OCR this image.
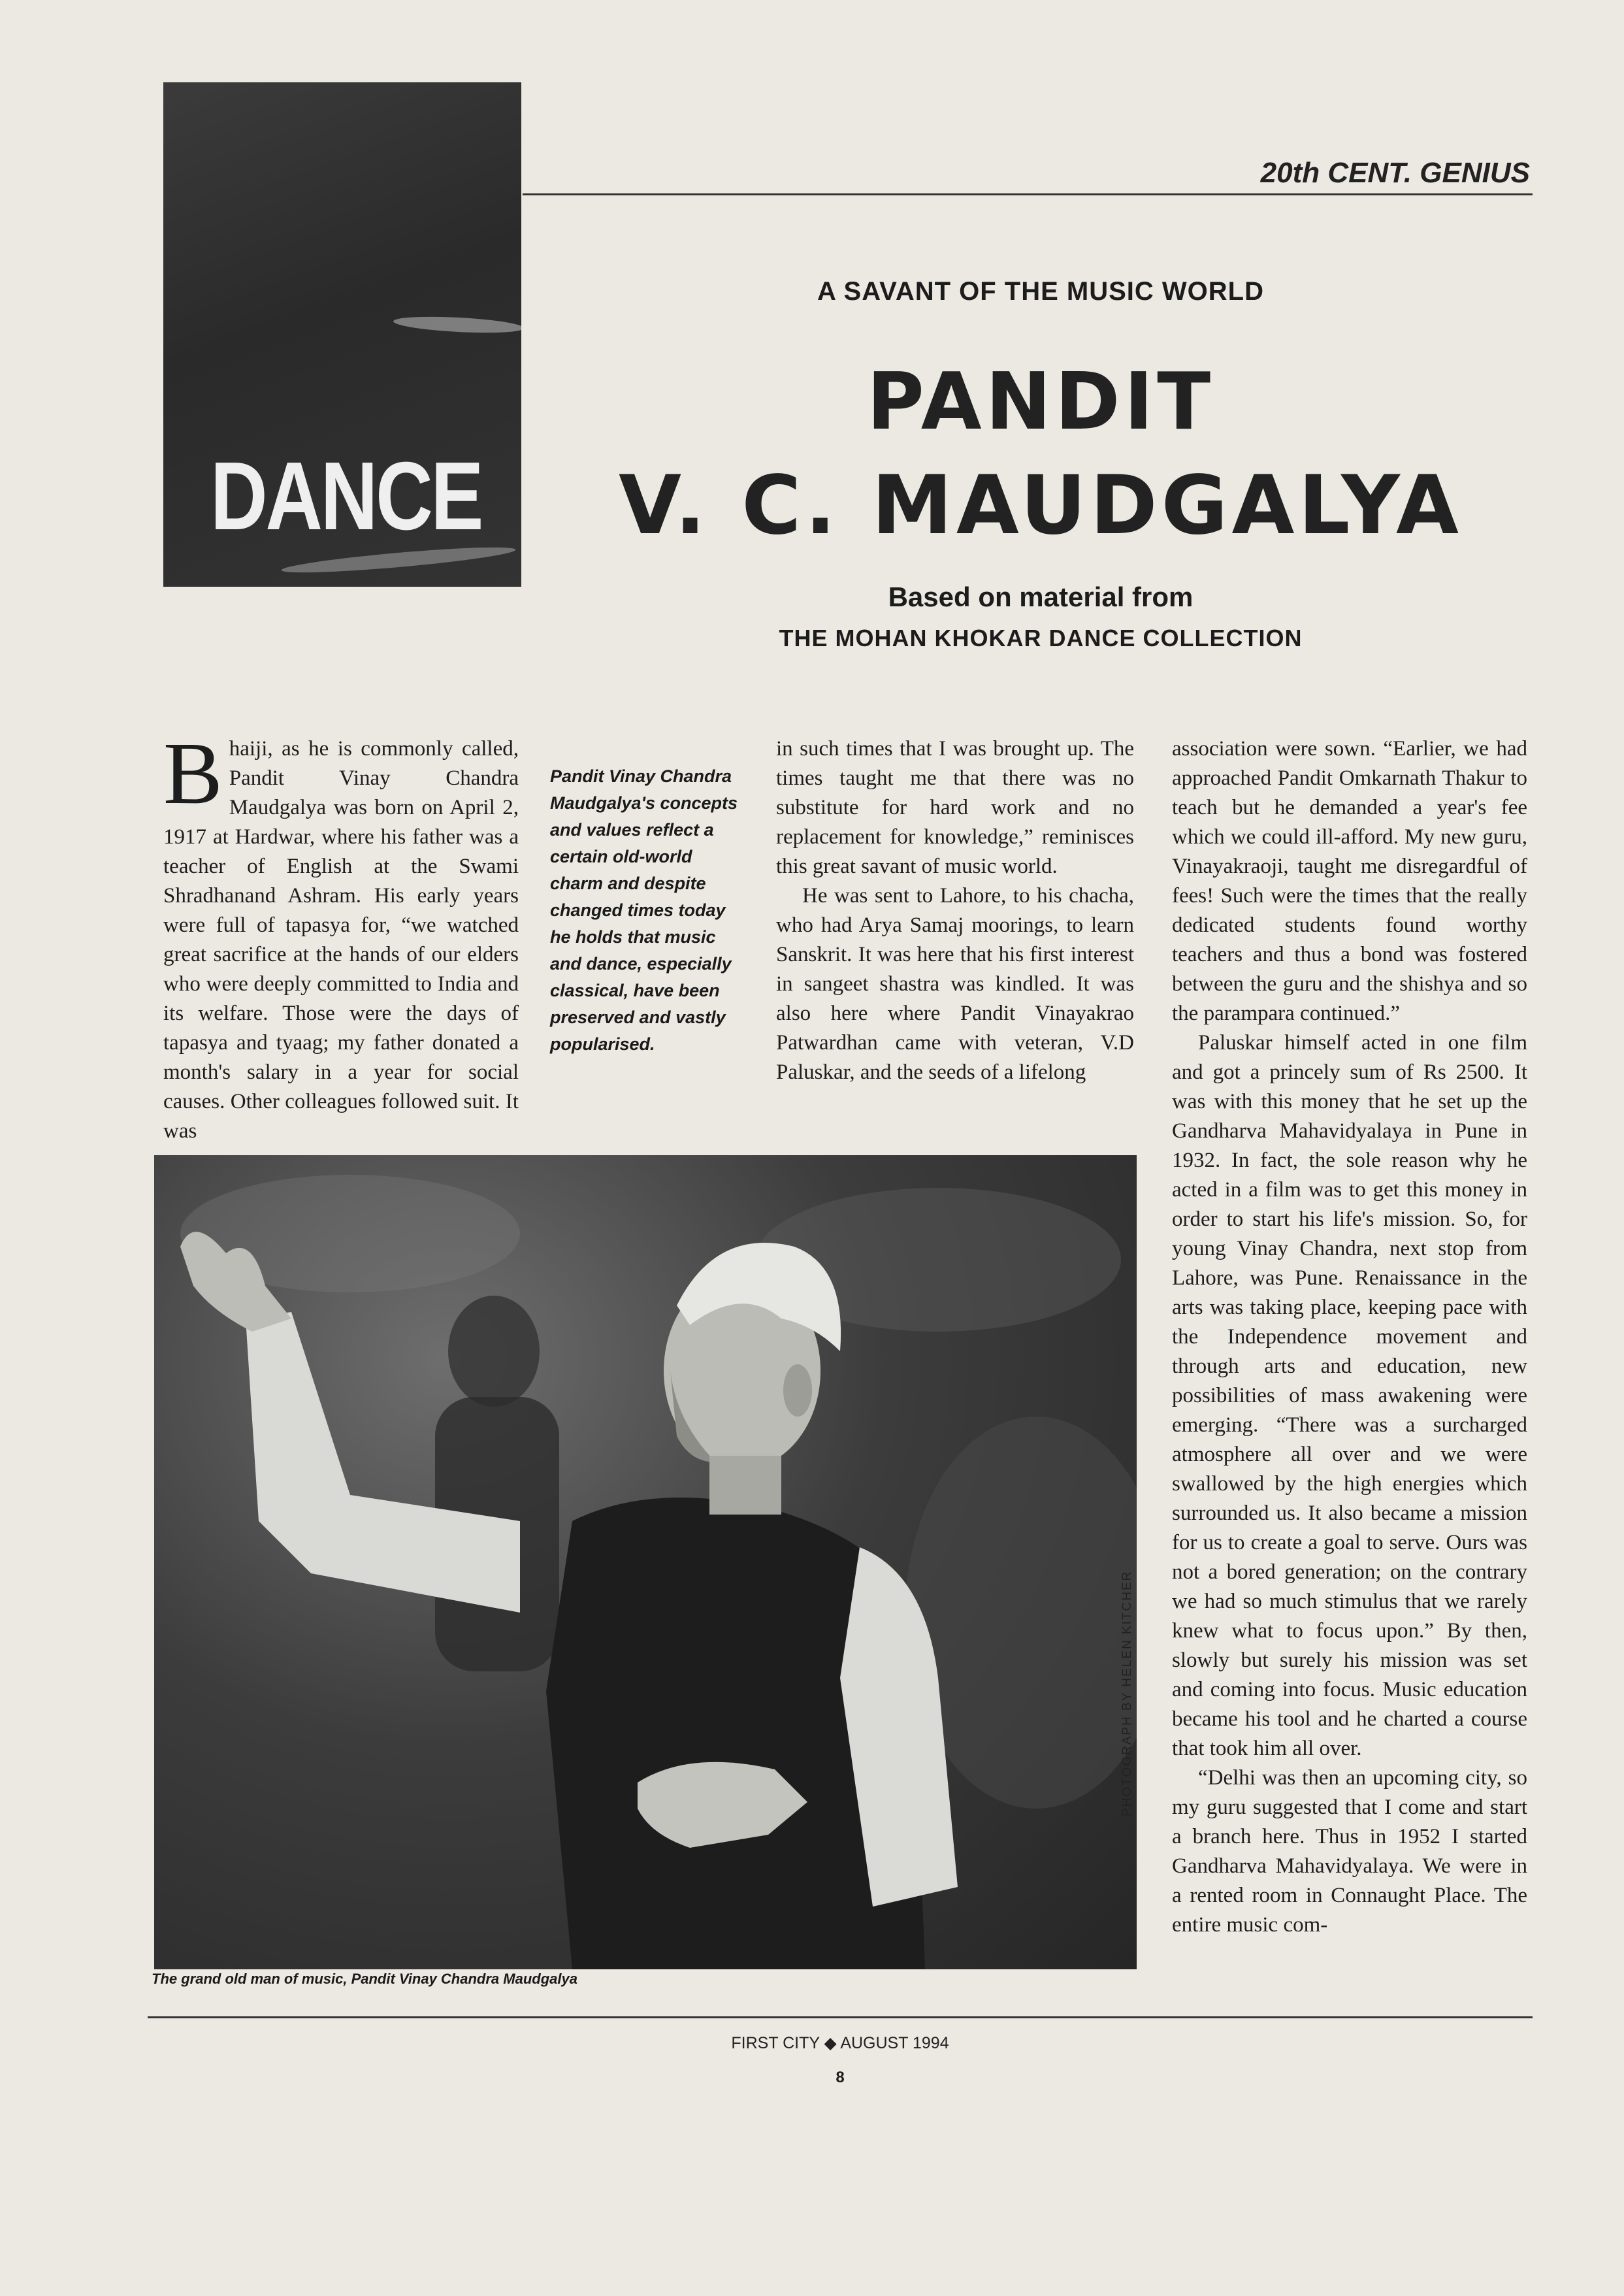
DANCE
20th CENT. GENIUS
A SAVANT OF THE MUSIC WORLD
PANDIT
V. C. MAUDGALYA
Based on material from
THE MOHAN KHOKAR DANCE COLLECTION

Bhaiji, as he is commonly called, Pandit Vinay Chandra Maudgalya was born on April 2, 1917 at Hardwar, where his father was a teacher of English at the Swami Shradhanand Ashram. His early years were full of tapasya for, “we watched great sacrifice at the hands of our elders who were deeply committed to India and its welfare. Those were the days of tapasya and tyaag; my father donated a month's salary in a year for social causes. Other colleagues followed suit. It was

Pandit Vinay Chandra Maudgalya's concepts and values reflect a certain old-world charm and despite changed times today he holds that music and dance, especially classical, have been preserved and vastly popularised.

in such times that I was brought up. The times taught me that there was no substitute for hard work and no replacement for knowledge,” reminisces this great savant of music world.

He was sent to Lahore, to his chacha, who had Arya Samaj moorings, to learn Sanskrit. It was here that his first interest in sangeet shastra was kindled. It was also here where Pandit Vinayakrao Patwardhan came with veteran, V.D Paluskar, and the seeds of a lifelong

association were sown. “Earlier, we had approached Pandit Omkarnath Thakur to teach but he demanded a year's fee which we could ill-afford. My new guru, Vinayakraoji, taught me disregardful of fees! Such were the times that the really dedicated students found worthy teachers and thus a bond was fostered between the guru and the shishya and so the parampara continued.”

Paluskar himself acted in one film and got a princely sum of Rs 2500. It was with this money that he set up the Gandharva Mahavidyalaya in Pune in 1932. In fact, the sole reason why he acted in a film was to get this money in order to start his life's mission. So, for young Vinay Chandra, next stop from Lahore, was Pune. Renaissance in the arts was taking place, keeping pace with the Independence movement and through arts and education, new possibilities of mass awakening were emerging. “There was a surcharged atmosphere all over and we were swallowed by the high energies which surrounded us. It also became a mission for us to create a goal to serve. Ours was not a bored generation; on the contrary we had so much stimulus that we rarely knew what to focus upon.” By then, slowly but surely his mission was set and coming into focus. Music education became his tool and he charted a course that took him all over.

“Delhi was then an upcoming city, so my guru suggested that I come and start a branch here. Thus in 1952 I started Gandharva Mahavidyalaya. We were in a rented room in Connaught Place. The entire music com-

PHOTOGRAPH BY HELEN KITCHER
The grand old man of music, Pandit Vinay Chandra Maudgalya
FIRST CITY ◆ AUGUST 1994
8
